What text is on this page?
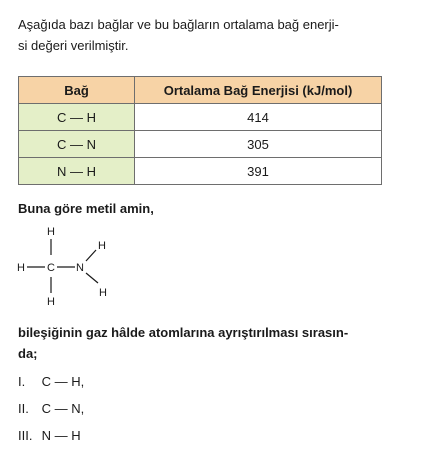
Aşağıda bazı bağlar ve bu bağların ortalama bağ enerji-
si değeri verilmiştir.
Bağ	Ortalama Bağ Enerjisi (kJ/mol)
C — H	414
C — N	305
N — H	391
Buna göre metil amin,
H
H C N
H
H
H
bileşiğinin gaz hâlde atomlarına ayrıştırılması sırasın-
da;
I. C — H,
II. C — N,
III. N — H
